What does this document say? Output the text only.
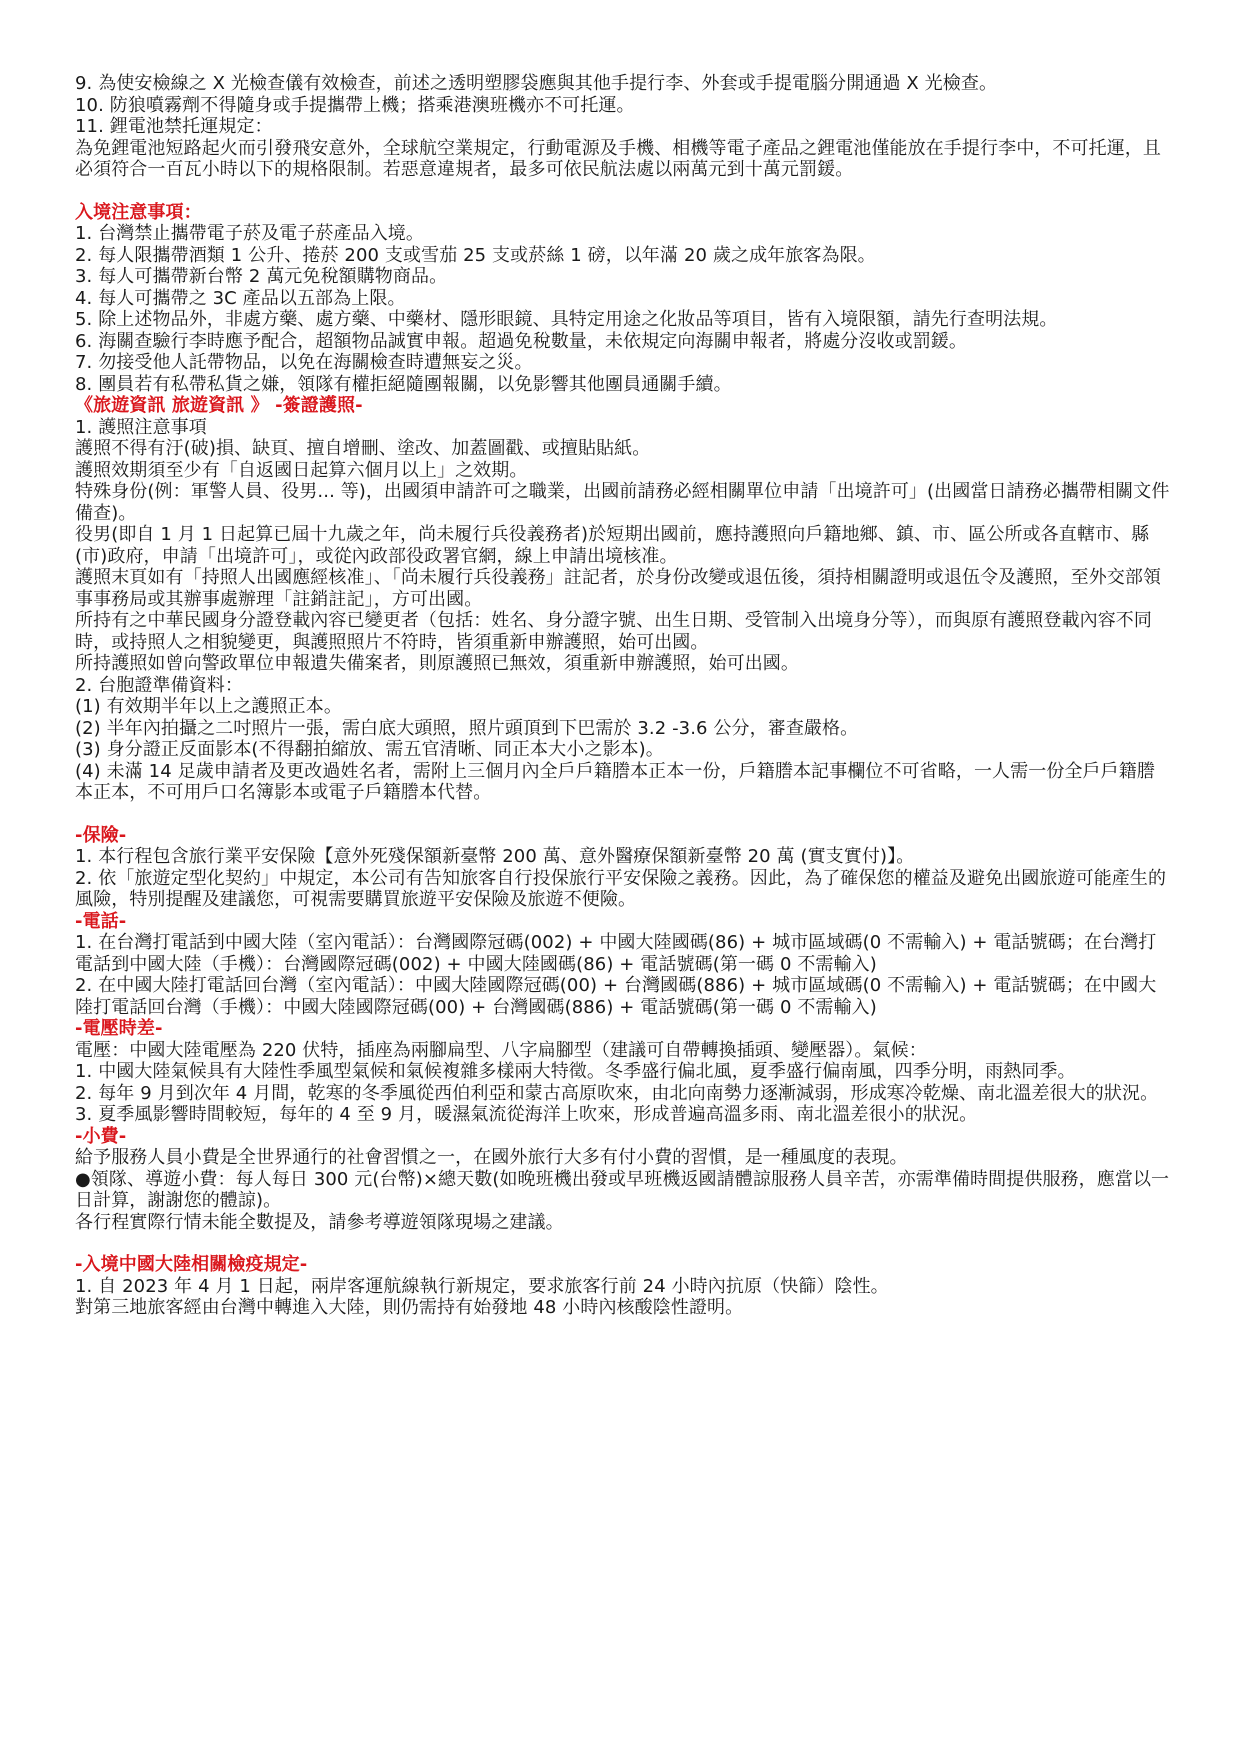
9. 為使安檢線之 X 光檢查儀有效檢查，前述之透明塑膠袋應與其他手提行李、外套或手提電腦分開通過 X 光檢查。

10. 防狼噴霧劑不得隨身或手提攜帶上機；搭乘港澳班機亦不可托運。

11. 鋰電池禁托運規定：

為免鋰電池短路起火而引發飛安意外，全球航空業規定，行動電源及手機、相機等電子產品之鋰電池僅能放在手提行李中，不可托運，且必須符合一百瓦小時以下的規格限制。若惡意違規者，最多可依民航法處以兩萬元到十萬元罰鍰。

入境注意事項：

1. 台灣禁止攜帶電子菸及電子菸產品入境。

2. 每人限攜帶酒類 1 公升、捲菸 200 支或雪茄 25 支或菸絲 1 磅，以年滿 20 歲之成年旅客為限。

3. 每人可攜帶新台幣 2 萬元免稅額購物商品。

4. 每人可攜帶之 3C 產品以五部為上限。

5. 除上述物品外，非處方藥、處方藥、中藥材、隱形眼鏡、具特定用途之化妝品等項目，皆有入境限額，請先行查明法規。

6. 海關查驗行李時應予配合，超額物品誠實申報。超過免稅數量，未依規定向海關申報者，將處分沒收或罰鍰。

7. 勿接受他人託帶物品，以免在海關檢查時遭無妄之災。

8. 團員若有私帶私貨之嫌，領隊有權拒絕隨團報關，以免影響其他團員通關手續。

《旅遊資訊 旅遊資訊 》 -簽證護照-

1. 護照注意事項

護照不得有汙(破)損、缺頁、擅自增刪、塗改、加蓋圖戳、或擅貼貼紙。

護照效期須至少有「自返國日起算六個月以上」之效期。

特殊身份(例：軍警人員、役男... 等)，出國須申請許可之職業，出國前請務必經相關單位申請「出境許可」(出國當日請務必攜帶相關文件備查)。

役男(即自 1 月 1 日起算已屆十九歲之年，尚未履行兵役義務者)於短期出國前，應持護照向戶籍地鄉、鎮、市、區公所或各直轄市、縣(市)政府，申請「出境許可」，或從內政部役政署官網，線上申請出境核准。

護照末頁如有「持照人出國應經核准」、「尚未履行兵役義務」註記者，於身份改變或退伍後，須持相關證明或退伍令及護照，至外交部領事事務局或其辦事處辦理「註銷註記」，方可出國。

所持有之中華民國身分證登載內容已變更者（包括：姓名、身分證字號、出生日期、受管制入出境身分等），而與原有護照登載內容不同時，或持照人之相貌變更，與護照照片不符時，皆須重新申辦護照，始可出國。

所持護照如曾向警政單位申報遺失備案者，則原護照已無效，須重新申辦護照，始可出國。

2. 台胞證準備資料：

(1) 有效期半年以上之護照正本。

(2) 半年內拍攝之二吋照片一張，需白底大頭照，照片頭頂到下巴需於 3.2 -3.6 公分，審查嚴格。

(3) 身分證正反面影本(不得翻拍縮放、需五官清晰、同正本大小之影本)。

(4) 未滿 14 足歲申請者及更改過姓名者，需附上三個月內全戶戶籍謄本正本一份，戶籍謄本記事欄位不可省略，一人需一份全戶戶籍謄本正本，不可用戶口名簿影本或電子戶籍謄本代替。

-保險-

1. 本行程包含旅行業平安保險【意外死殘保額新臺幣 200 萬、意外醫療保額新臺幣 20 萬 (實支實付)】。

2. 依「旅遊定型化契約」中規定，本公司有告知旅客自行投保旅行平安保險之義務。因此，為了確保您的權益及避免出國旅遊可能產生的風險，特別提醒及建議您，可視需要購買旅遊平安保險及旅遊不便險。

-電話-

1. 在台灣打電話到中國大陸（室內電話）：台灣國際冠碼(002) + 中國大陸國碼(86) + 城市區域碼(0 不需輸入) + 電話號碼；在台灣打電話到中國大陸（手機）：台灣國際冠碼(002) + 中國大陸國碼(86) + 電話號碼(第一碼 0 不需輸入)

2. 在中國大陸打電話回台灣（室內電話）：中國大陸國際冠碼(00) + 台灣國碼(886) + 城市區域碼(0 不需輸入) + 電話號碼；在中國大陸打電話回台灣（手機）：中國大陸國際冠碼(00) + 台灣國碼(886) + 電話號碼(第一碼 0 不需輸入)

-電壓時差-

電壓：中國大陸電壓為 220 伏特，插座為兩腳扁型、八字扁腳型（建議可自帶轉換插頭、變壓器）。氣候：

1. 中國大陸氣候具有大陸性季風型氣候和氣候複雜多樣兩大特徵。冬季盛行偏北風，夏季盛行偏南風，四季分明，雨熱同季。

2. 每年 9 月到次年 4 月間，乾寒的冬季風從西伯利亞和蒙古高原吹來，由北向南勢力逐漸減弱，形成寒冷乾燥、南北溫差很大的狀況。

3. 夏季風影響時間較短，每年的 4 至 9 月，暖濕氣流從海洋上吹來，形成普遍高溫多雨、南北溫差很小的狀況。

-小費-

給予服務人員小費是全世界通行的社會習慣之一，在國外旅行大多有付小費的習慣，是一種風度的表現。

●領隊、導遊小費：每人每日 300 元(台幣)×總天數(如晚班機出發或早班機返國請體諒服務人員辛苦，亦需準備時間提供服務，應當以一日計算，謝謝您的體諒)。

各行程實際行情未能全數提及，請參考導遊領隊現場之建議。

-入境中國大陸相關檢疫規定-

1. 自 2023 年 4 月 1 日起，兩岸客運航線執行新規定，要求旅客行前 24 小時內抗原（快篩）陰性。

對第三地旅客經由台灣中轉進入大陸，則仍需持有始發地 48 小時內核酸陰性證明。
